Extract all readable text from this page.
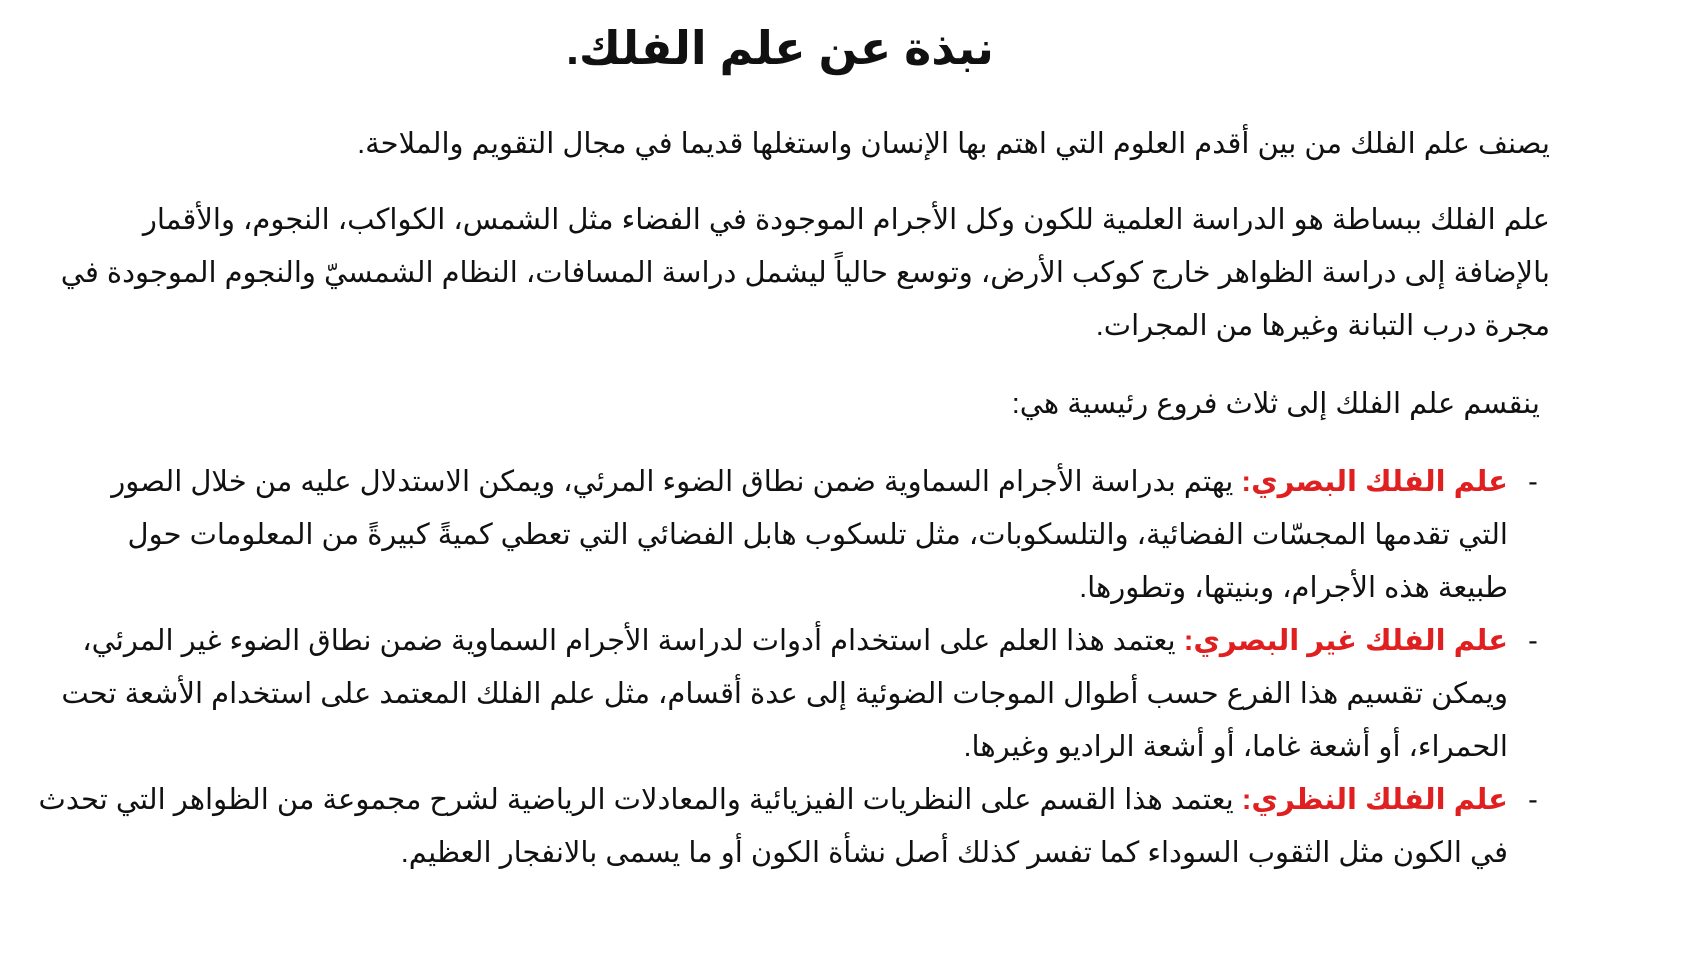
نبذة عن علم الفلك.

يصنف علم الفلك من بين أقدم العلوم التي اهتم بها الإنسان واستغلها قديما في مجال التقويم والملاحة.

علم الفلك ببساطة هو الدراسة العلمية للكون وكل الأجرام الموجودة في الفضاء مثل الشمس، الكواكب، النجوم، والأقمار
بالإضافة إلى دراسة الظواهر خارج كوكب الأرض، وتوسع حالياً ليشمل دراسة المسافات، النظام الشمسيّ والنجوم الموجودة في
مجرة درب التبانة وغيرها من المجرات.

ينقسم علم الفلك إلى ثلاث فروع رئيسية هي:

-
علم الفلك البصري: يهتم بدراسة الأجرام السماوية ضمن نطاق الضوء المرئي، ويمكن الاستدلال عليه من خلال الصور
التي تقدمها المجسّات الفضائية، والتلسكوبات، مثل تلسكوب هابل الفضائي التي تعطي كميةً كبيرةً من المعلومات حول
طبيعة هذه الأجرام، وبنيتها، وتطورها.
-
علم الفلك غير البصري: يعتمد هذا العلم على استخدام أدوات لدراسة الأجرام السماوية ضمن نطاق الضوء غير المرئي،
ويمكن تقسيم هذا الفرع حسب أطوال الموجات الضوئية إلى عدة أقسام، مثل علم الفلك المعتمد على استخدام الأشعة تحت
الحمراء، أو أشعة غاما، أو أشعة الراديو وغيرها.
-
علم الفلك النظري: يعتمد هذا القسم على النظريات الفيزيائية والمعادلات الرياضية لشرح مجموعة من الظواهر التي تحدث
في الكون مثل الثقوب السوداء كما تفسر كذلك أصل نشأة الكون أو ما يسمى بالانفجار العظيم.
